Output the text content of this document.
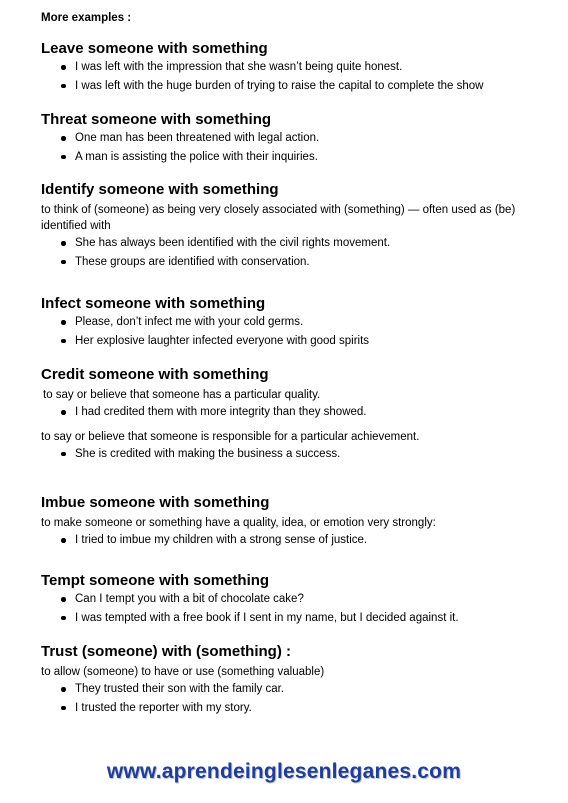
More examples :

Leave someone with something
I was left with the impression that she wasn’t being quite honest.
I was left with the huge burden of trying to raise the capital to complete the show
Threat someone with something
One man has been threatened with legal action.
A man is assisting the police with their inquiries.
Identify someone with something

to think of (someone) as being very closely associated with (something) — often used as (be) identified with

She has always been identified with the civil rights movement.
These groups are identified with conservation.
Infect someone with something
Please, don’t infect me with your cold germs.
Her explosive laughter infected everyone with good spirits
Credit someone with something

to say or believe that someone has a particular quality.

I had credited them with more integrity than they showed.

to say or believe that someone is responsible for a particular achievement.

She is credited with making the business a success.
Imbue someone with something

to make someone or something have a quality, idea, or emotion very strongly:

I tried to imbue my children with a strong sense of justice.
Tempt someone with something
Can I tempt you with a bit of chocolate cake?
I was tempted with a free book if I sent in my name, but I decided against it.
Trust (someone) with (something) :

to allow (someone) to have or use (something valuable)

They trusted their son with the family car.
I trusted the reporter with my story.
www.aprendeinglesenleganes.com
